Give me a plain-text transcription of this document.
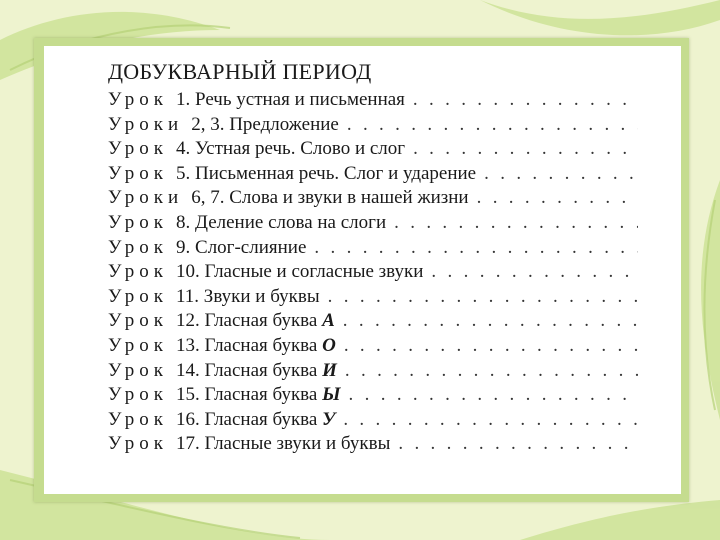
ДОБУКВАРНЫЙ ПЕРИОД
Урок 1. Речь устная и письменная
. . .
Уроки 2, 3. Предложение
. . .
Урок 4. Устная речь. Слово и слог
. . .
Урок 5. Письменная речь. Слог и ударение
. . .
Уроки 6, 7. Слова и звуки в нашей жизни
. . .
Урок 8. Деление слова на слоги
. . .
Урок 9. Слог-слияние
. . .
Урок 10. Гласные и согласные звуки
. . .
Урок 11. Звуки и буквы
. . .
Урок 12. Гласная буква А
. . .
Урок 13. Гласная буква О
. . .
Урок 14. Гласная буква И
. . .
Урок 15. Гласная буква Ы
. . .
Урок 16. Гласная буква У
. . .
Урок 17. Гласные звуки и буквы
. . .
